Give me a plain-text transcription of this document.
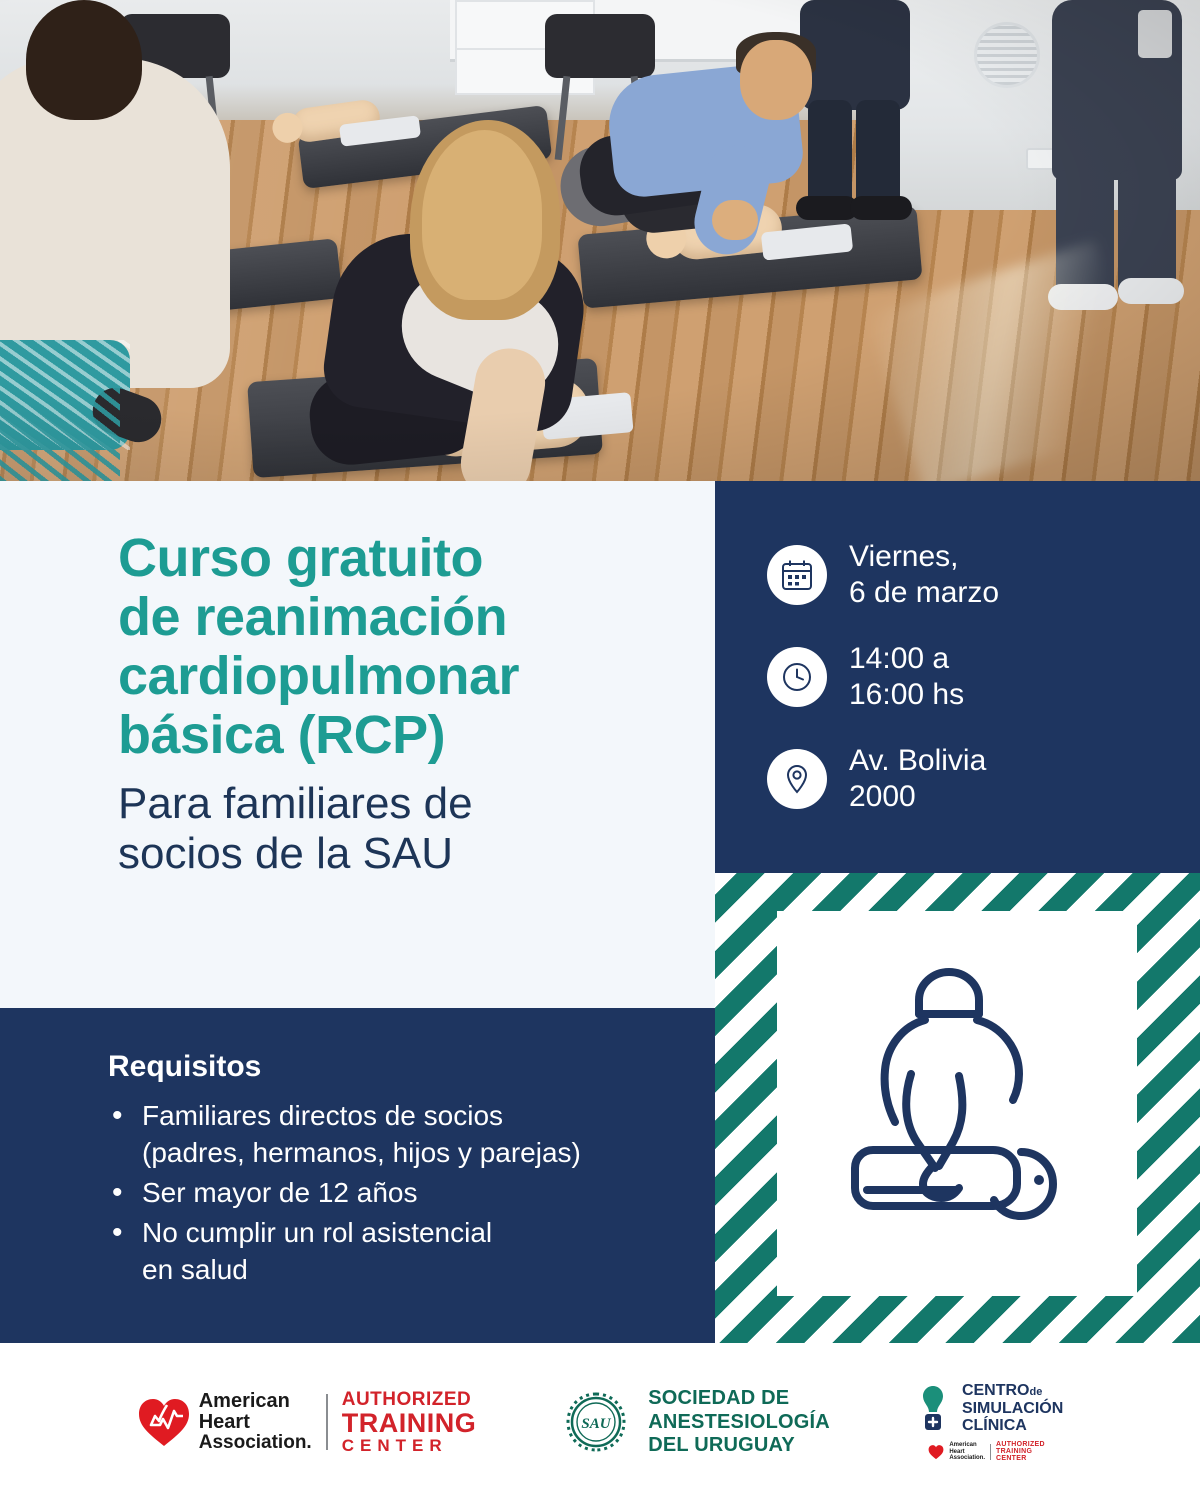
Curso gratuito
de reanimación
cardiopulmonar
básica (RCP)
Para familiares de
socios de la SAU
Viernes,
6 de marzo
14:00 a
16:00 hs
Av. Bolivia
2000
Requisitos
• Familiares directos de socios
(padres, hermanos, hijos y parejas)
• Ser mayor de 12 años
• No cumplir un rol asistencial
en salud
American
Heart
Association.
AUTHORIZED
TRAINING
CENTER
SAU
SOCIEDAD DE
ANESTESIOLOGÍA
DEL URUGUAY
CENTROde
SIMULACIÓN
CLÍNICA
American
Heart
Association.
AUTHORIZED
TRAINING
CENTER
